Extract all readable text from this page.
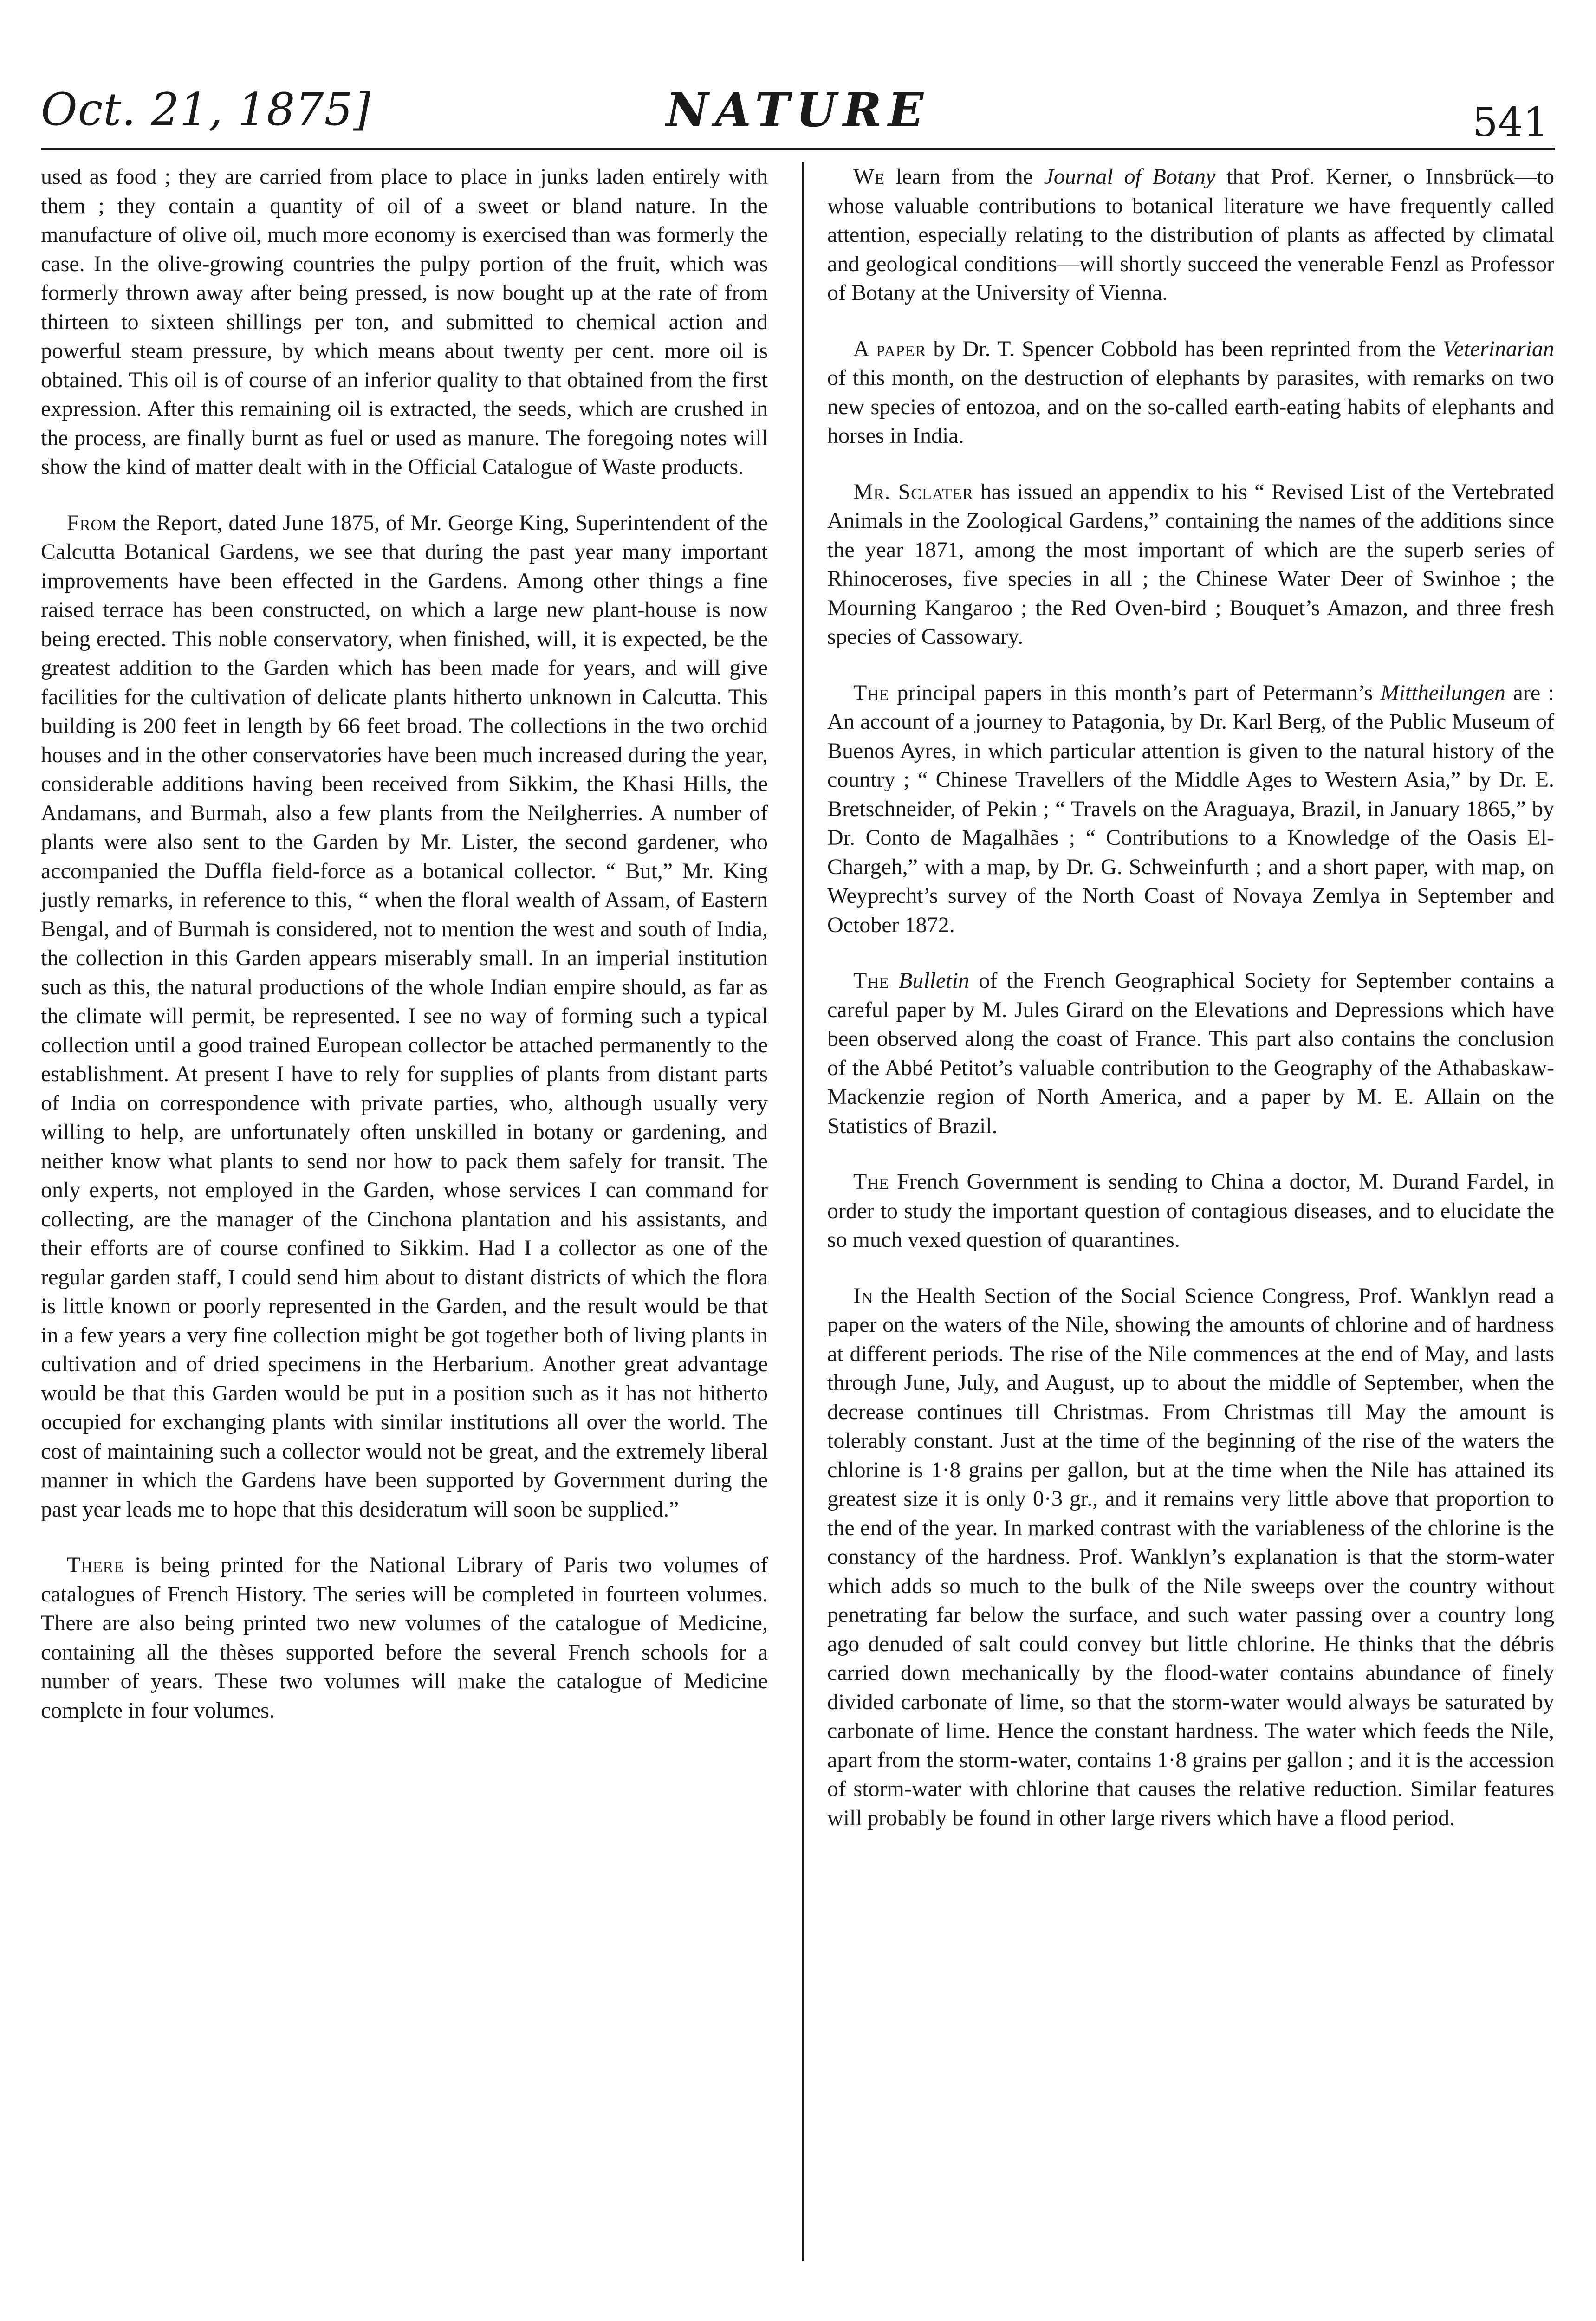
Oct. 21, 1875]	NATURE	541

used as food ; they are carried from place to place in junks laden entirely with them ; they contain a quantity of oil of a sweet or bland nature. In the manufacture of olive oil, much more economy is exercised than was formerly the case. In the olive-growing countries the pulpy portion of the fruit, which was formerly thrown away after being pressed, is now bought up at the rate of from thirteen to sixteen shillings per ton, and submitted to chemical action and powerful steam pressure, by which means about twenty per cent. more oil is obtained. This oil is of course of an inferior quality to that obtained from the first expression. After this remaining oil is extracted, the seeds, which are crushed in the process, are finally burnt as fuel or used as manure. The foregoing notes will show the kind of matter dealt with in the Official Catalogue of Waste products.

From the Report, dated June 1875, of Mr. George King, Superintendent of the Calcutta Botanical Gardens, we see that during the past year many important improvements have been effected in the Gardens. Among other things a fine raised terrace has been constructed, on which a large new plant-house is now being erected. This noble conservatory, when finished, will, it is expected, be the greatest addition to the Garden which has been made for years, and will give facilities for the cultivation of delicate plants hitherto unknown in Calcutta. This building is 200 feet in length by 66 feet broad. The collections in the two orchid houses and in the other conservatories have been much increased during the year, considerable additions having been received from Sikkim, the Khasi Hills, the Andamans, and Burmah, also a few plants from the Neilgherries. A number of plants were also sent to the Garden by Mr. Lister, the second gardener, who accompanied the Duffla field-force as a botanical collector. “ But,” Mr. King justly remarks, in reference to this, “ when the floral wealth of Assam, of Eastern Bengal, and of Burmah is considered, not to mention the west and south of India, the collection in this Garden appears miserably small. In an imperial institution such as this, the natural productions of the whole Indian empire should, as far as the climate will permit, be represented. I see no way of forming such a typical collection until a good trained European collector be attached permanently to the establishment. At present I have to rely for supplies of plants from distant parts of India on correspondence with private parties, who, although usually very willing to help, are unfortunately often unskilled in botany or gardening, and neither know what plants to send nor how to pack them safely for transit. The only experts, not employed in the Garden, whose services I can command for collecting, are the manager of the Cinchona plantation and his assistants, and their efforts are of course confined to Sikkim. Had I a collector as one of the regular garden staff, I could send him about to distant districts of which the flora is little known or poorly represented in the Garden, and the result would be that in a few years a very fine collection might be got together both of living plants in cultivation and of dried specimens in the Herbarium. Another great advantage would be that this Garden would be put in a position such as it has not hitherto occupied for exchanging plants with similar institutions all over the world. The cost of maintaining such a collector would not be great, and the extremely liberal manner in which the Gardens have been supported by Government during the past year leads me to hope that this desideratum will soon be supplied.”

There is being printed for the National Library of Paris two volumes of catalogues of French History. The series will be completed in fourteen volumes. There are also being printed two new volumes of the catalogue of Medicine, containing all the thèses supported before the several French schools for a number of years. These two volumes will make the catalogue of Medicine complete in four volumes.

We learn from the Journal of Botany that Prof. Kerner, o Innsbrück—to whose valuable contributions to botanical literature we have frequently called attention, especially relating to the distribution of plants as affected by climatal and geological conditions—will shortly succeed the venerable Fenzl as Professor of Botany at the University of Vienna.

A paper by Dr. T. Spencer Cobbold has been reprinted from the Veterinarian of this month, on the destruction of elephants by parasites, with remarks on two new species of entozoa, and on the so-called earth-eating habits of elephants and horses in India.

Mr. Sclater has issued an appendix to his “ Revised List of the Vertebrated Animals in the Zoological Gardens,” containing the names of the additions since the year 1871, among the most important of which are the superb series of Rhinoceroses, five species in all ; the Chinese Water Deer of Swinhoe ; the Mourning Kangaroo ; the Red Oven-bird ; Bouquet’s Amazon, and three fresh species of Cassowary.

The principal papers in this month’s part of Petermann’s Mittheilungen are : An account of a journey to Patagonia, by Dr. Karl Berg, of the Public Museum of Buenos Ayres, in which particular attention is given to the natural history of the country ; “ Chinese Travellers of the Middle Ages to Western Asia,” by Dr. E. Bretschneider, of Pekin ; “ Travels on the Araguaya, Brazil, in January 1865,” by Dr. Conto de Magalhães ; “ Contributions to a Knowledge of the Oasis El-Chargeh,” with a map, by Dr. G. Schweinfurth ; and a short paper, with map, on Weyprecht’s survey of the North Coast of Novaya Zemlya in September and October 1872.

The Bulletin of the French Geographical Society for September contains a careful paper by M. Jules Girard on the Elevations and Depressions which have been observed along the coast of France. This part also contains the conclusion of the Abbé Petitot’s valuable contribution to the Geography of the Athabaskaw-Mackenzie region of North America, and a paper by M. E. Allain on the Statistics of Brazil.

The French Government is sending to China a doctor, M. Durand Fardel, in order to study the important question of contagious diseases, and to elucidate the so much vexed question of quarantines.

In the Health Section of the Social Science Congress, Prof. Wanklyn read a paper on the waters of the Nile, showing the amounts of chlorine and of hardness at different periods. The rise of the Nile commences at the end of May, and lasts through June, July, and August, up to about the middle of September, when the decrease continues till Christmas. From Christmas till May the amount is tolerably constant. Just at the time of the beginning of the rise of the waters the chlorine is 1·8 grains per gallon, but at the time when the Nile has attained its greatest size it is only 0·3 gr., and it remains very little above that proportion to the end of the year. In marked contrast with the variableness of the chlorine is the constancy of the hardness. Prof. Wanklyn’s explanation is that the storm-water which adds so much to the bulk of the Nile sweeps over the country without penetrating far below the surface, and such water passing over a country long ago denuded of salt could convey but little chlorine. He thinks that the débris carried down mechanically by the flood-water contains abundance of finely divided carbonate of lime, so that the storm-water would always be saturated by carbonate of lime. Hence the constant hardness. The water which feeds the Nile, apart from the storm-water, contains 1·8 grains per gallon ; and it is the accession of storm-water with chlorine that causes the relative reduction. Similar features will probably be found in other large rivers which have a flood period.
